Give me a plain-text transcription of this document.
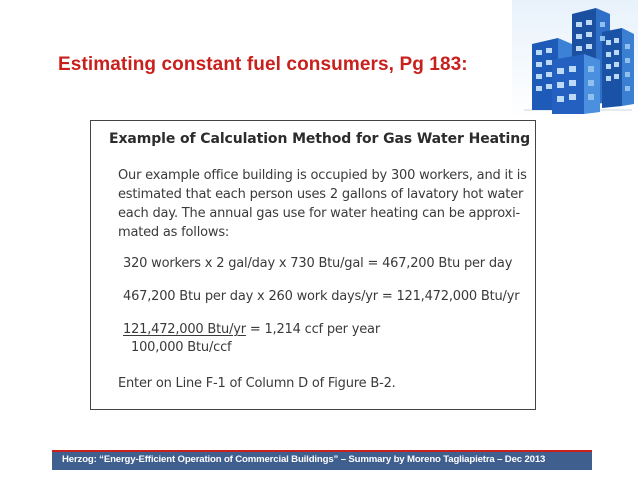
Estimating constant fuel consumers, Pg 183:
Example of Calculation Method for Gas Water Heating
Our example office building is occupied by 300 workers, and it is
estimated that each person uses 2 gallons of lavatory hot water
each day. The annual gas use for water heating can be approxi-
mated as follows:
320 workers x 2 gal/day x 730 Btu/gal = 467,200 Btu per day
467,200 Btu per day x 260 work days/yr = 121,472,000 Btu/yr
121,472,000 Btu/yr = 1,214 ccf per year
100,000 Btu/ccf
Enter on Line F-1 of Column D of Figure B-2.
Herzog: “Energy-Efficient Operation of Commercial Buildings” – Summary by Moreno Tagliapietra – Dec 2013
